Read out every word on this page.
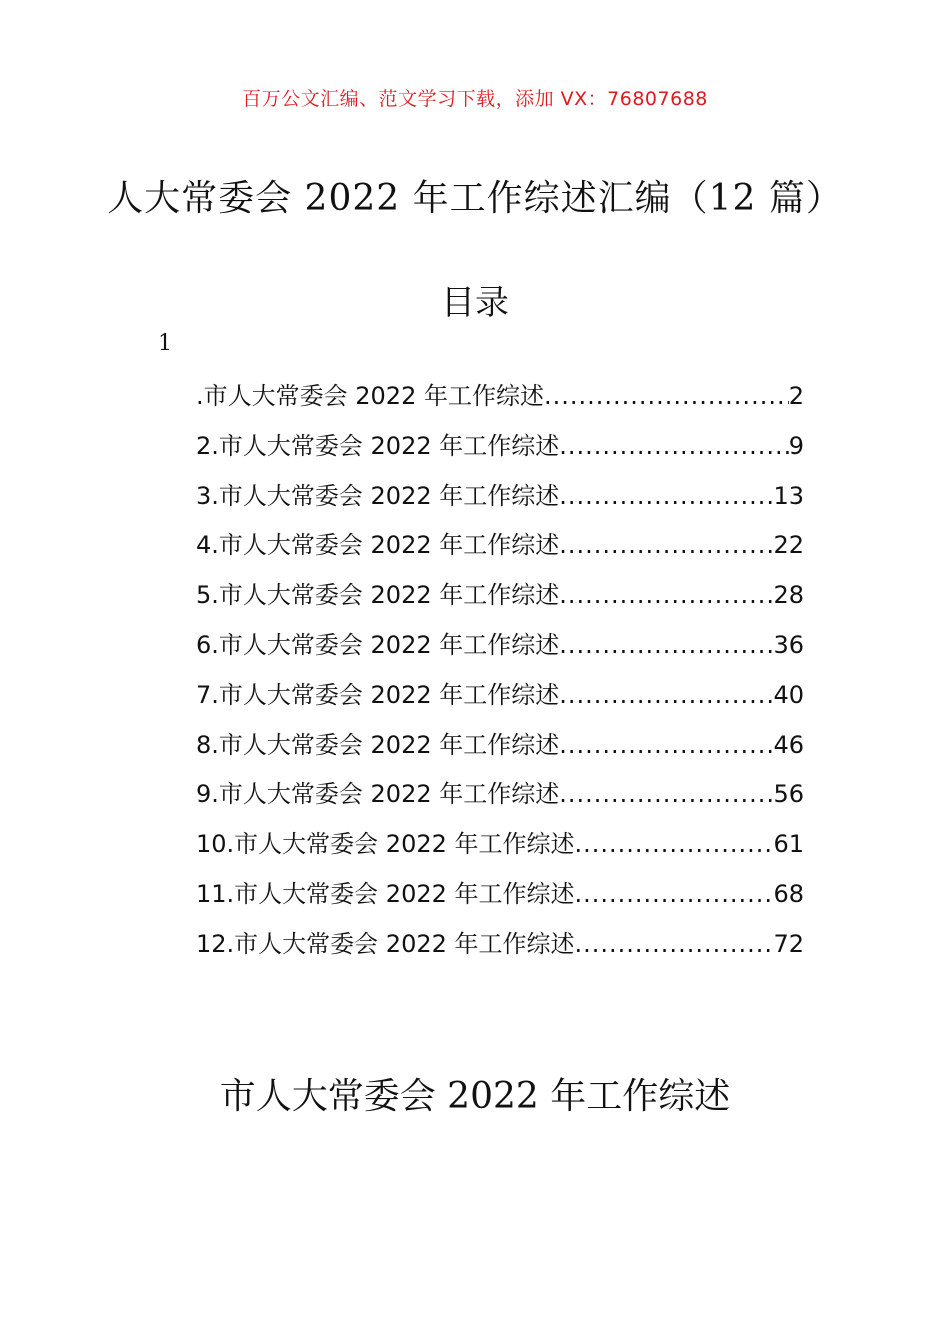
百万公文汇编、范文学习下载，添加 VX：76807688
人大常委会 2022 年工作综述汇编（12 篇）
目录
1
.市人大常委会 2022 年工作综述 .....	2
2 .市人大常委会 2022 年工作综述 .....	9
3 .市人大常委会 2022 年工作综述 .....	13
4 .市人大常委会 2022 年工作综述 .....	22
5 .市人大常委会 2022 年工作综述 .....	28
6 .市人大常委会 2022 年工作综述 .....	36
7 .市人大常委会 2022 年工作综述 .....	40
8 .市人大常委会 2022 年工作综述 .....	46
9 .市人大常委会 2022 年工作综述 .....	56
10 .市人大常委会 2022 年工作综述 .....	61
11 .市人大常委会 2022 年工作综述 .....	68
12 .市人大常委会 2022 年工作综述 .....	72
市人大常委会 2022 年工作综述
